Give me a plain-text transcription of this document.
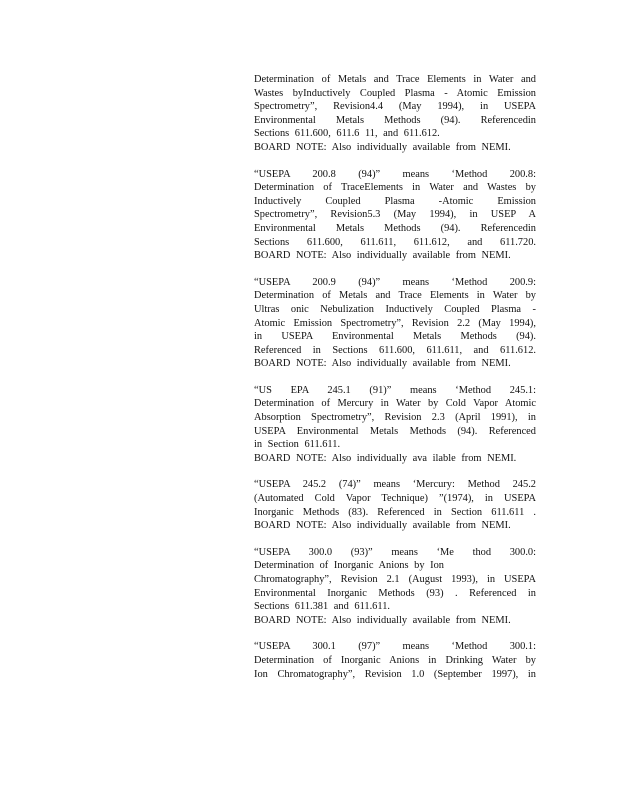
Determination of Metals and Trace Elements in Water and
Wastes byInductively Coupled Plasma - Atomic Emission
Spectrometry”, Revision4.4 (May 1994), in USEPA
Environmental Metals Methods (94). Referencedin
Sections 611.600, 611.6 11, and 611.612.
BOARD NOTE: Also individually available from NEMI.
“USEPA 200.8 (94)” means ‘Method 200.8:
Determination of TraceElements in Water and Wastes by
Inductively Coupled Plasma -Atomic Emission
Spectrometry”, Revision5.3 (May 1994), in USEP A
Environmental Metals Methods (94). Referencedin
Sections 611.600, 611.611, 611.612, and 611.720.
BOARD NOTE: Also individually available from NEMI.
“USEPA 200.9 (94)” means ‘Method 200.9:
Determination of Metals and Trace Elements in Water by
Ultras onic Nebulization Inductively Coupled Plasma -
Atomic Emission Spectrometry”, Revision 2.2 (May 1994),
in USEPA Environmental Metals Methods (94).
Referenced in Sections 611.600, 611.611, and 611.612.
BOARD NOTE: Also individually available from NEMI.
“US EPA 245.1 (91)” means ‘Method 245.1:
Determination of Mercury in Water by Cold Vapor Atomic
Absorption Spectrometry”, Revision 2.3 (April 1991), in
USEPA Environmental Metals Methods (94). Referenced
in Section 611.611.
BOARD NOTE: Also individually ava ilable from NEMI.
“USEPA 245.2 (74)” means ‘Mercury: Method 245.2
(Automated Cold Vapor Technique) ”(1974), in USEPA
Inorganic Methods (83). Referenced in Section 611.611 .
BOARD NOTE: Also individually available from NEMI.
“USEPA 300.0 (93)” means ‘Me thod 300.0:
Determination of Inorganic Anions by Ion
Chromatography”, Revision 2.1 (August 1993), in USEPA
Environmental Inorganic Methods (93) . Referenced in
Sections 611.381 and 611.611.
BOARD NOTE: Also individually available from NEMI.
“USEPA 300.1 (97)” means ‘Method 300.1:
Determination of Inorganic Anions in Drinking Water by
Ion Chromatography”, Revision 1.0 (September 1997), in
